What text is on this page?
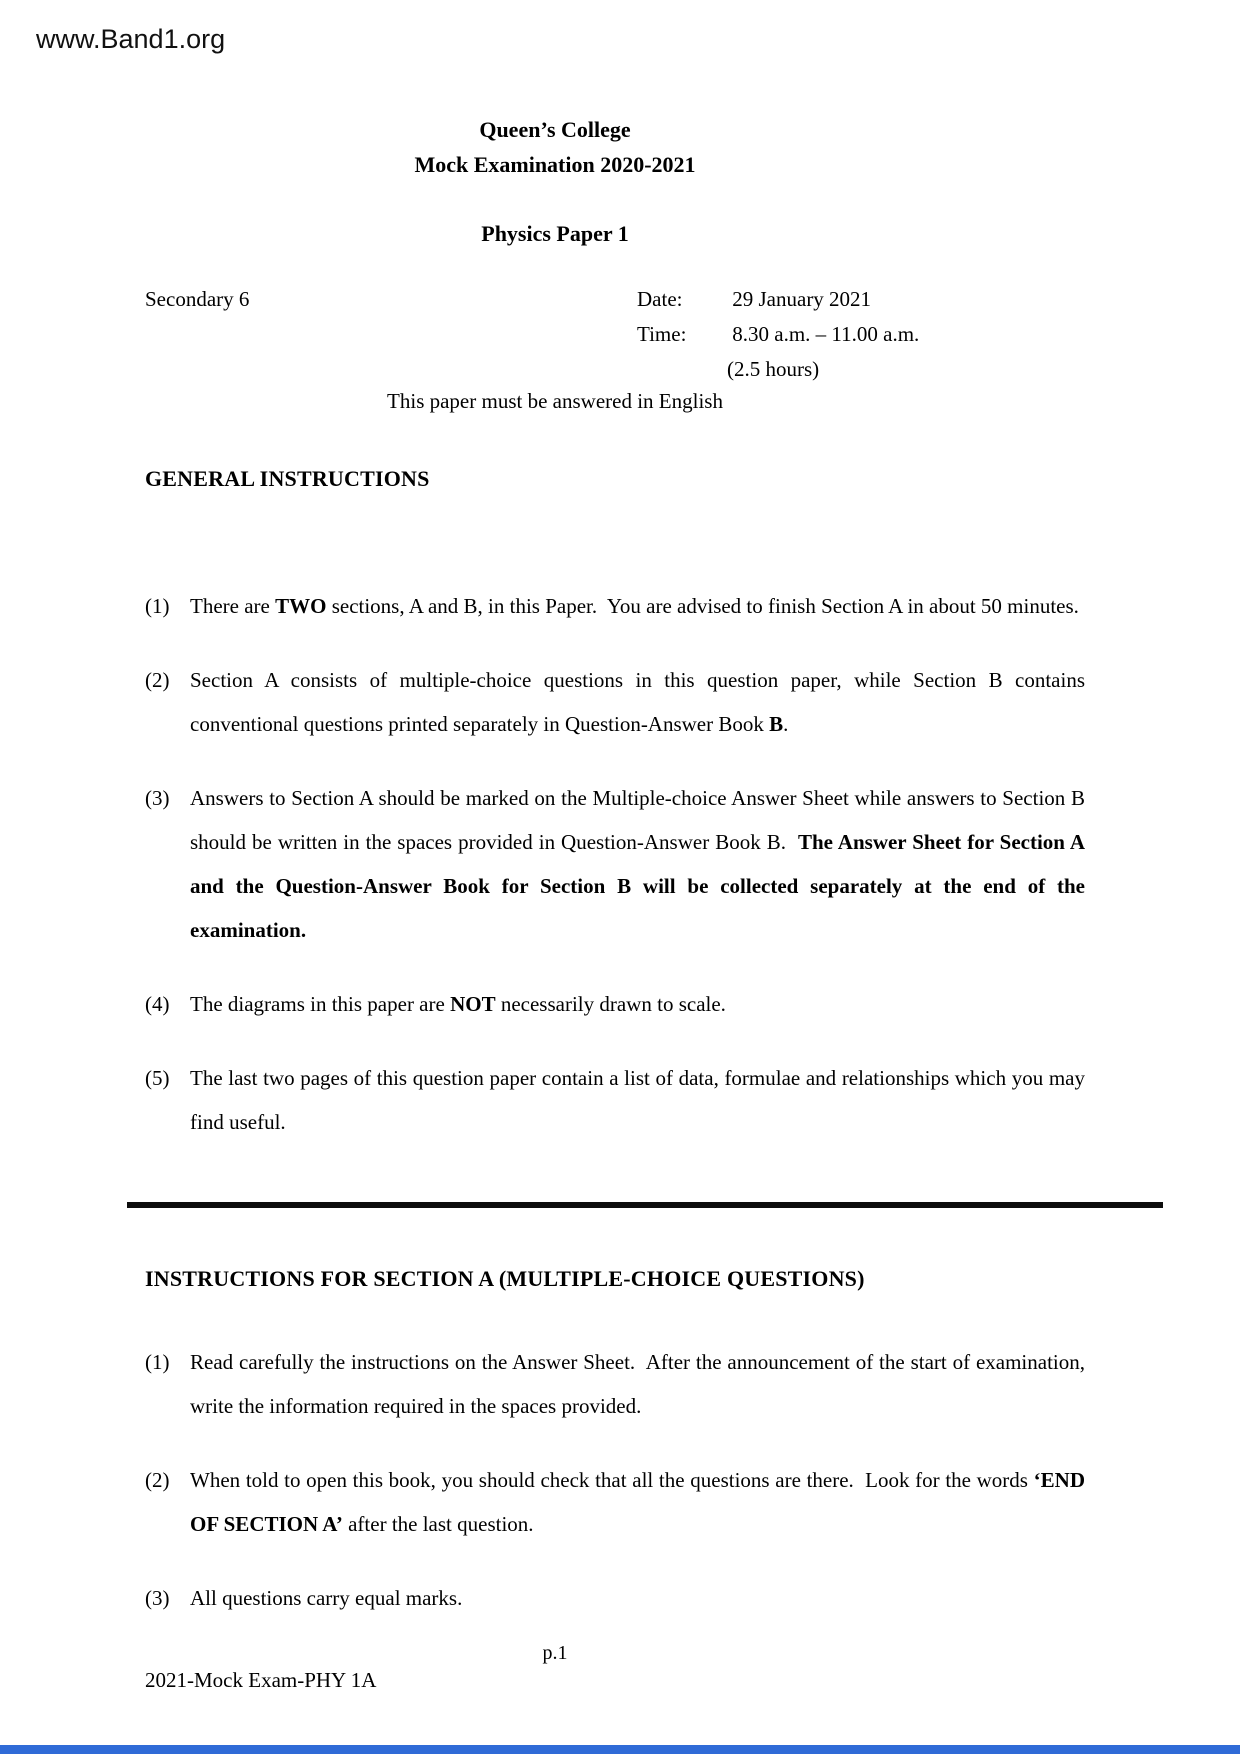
www.Band1.org
Queen’s College
Mock Examination 2020-2021
Physics Paper 1
Secondary 6	Date: 29 January 2021
Time: 8.30 a.m. – 11.00 a.m.
(2.5 hours)
This paper must be answered in English
GENERAL INSTRUCTIONS
(1) There are TWO sections, A and B, in this Paper.  You are advised to finish Section A in about 50 minutes.
(2) Section A consists of multiple-choice questions in this question paper, while Section B contains conventional questions printed separately in Question-Answer Book B.
(3) Answers to Section A should be marked on the Multiple-choice Answer Sheet while answers to Section B should be written in the spaces provided in Question-Answer Book B.  The Answer Sheet for Section A and the Question-Answer Book for Section B will be collected separately at the end of the examination.
(4) The diagrams in this paper are NOT necessarily drawn to scale.
(5) The last two pages of this question paper contain a list of data, formulae and relationships which you may find useful.
INSTRUCTIONS FOR SECTION A (MULTIPLE-CHOICE QUESTIONS)
(1) Read carefully the instructions on the Answer Sheet.  After the announcement of the start of examination, write the information required in the spaces provided.
(2) When told to open this book, you should check that all the questions are there.  Look for the words ‘END OF SECTION A’ after the last question.
(3) All questions carry equal marks.
p.1
2021-Mock Exam-PHY 1A
